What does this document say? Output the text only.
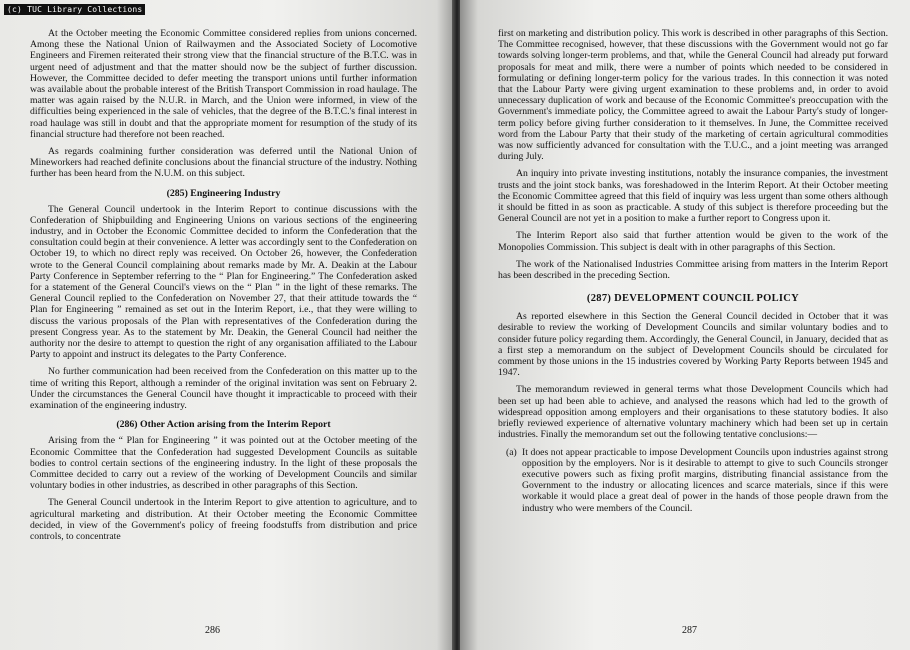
At the October meeting the Economic Committee considered replies from unions concerned. Among these the National Union of Railwaymen and the Associated Society of Locomotive Engineers and Firemen reiterated their strong view that the financial structure of the B.T.C. was in urgent need of adjustment and that the matter should now be the subject of further discussion. However, the Committee decided to defer meeting the transport unions until further information was available about the probable interest of the British Transport Commission in road haulage. The matter was again raised by the N.U.R. in March, and the Union were informed, in view of the difficulties being experienced in the sale of vehicles, that the degree of the B.T.C.'s final interest in road haulage was still in doubt and that the appropriate moment for resumption of the study of its financial structure had therefore not been reached.

As regards coalmining further consideration was deferred until the National Union of Mineworkers had reached definite conclusions about the financial structure of the industry. Nothing further has been heard from the N.U.M. on this subject.

(285) Engineering Industry

The General Council undertook in the Interim Report to continue discussions with the Confederation of Shipbuilding and Engineering Unions on various sections of the engineering industry, and in October the Economic Committee decided to inform the Confederation that the consultation could begin at their convenience. A letter was accordingly sent to the Confederation on October 19, to which no direct reply was received. On October 26, however, the Confederation wrote to the General Council complaining about remarks made by Mr. A. Deakin at the Labour Party Conference in September referring to the “ Plan for Engineering.” The Confederation asked for a statement of the General Council's views on the “ Plan ” in the light of these remarks. The General Council replied to the Confederation on November 27, that their attitude towards the “ Plan for Engineering ” remained as set out in the Interim Report, i.e., that they were willing to discuss the various proposals of the Plan with representatives of the Confederation during the present Congress year. As to the statement by Mr. Deakin, the General Council had neither the authority nor the desire to attempt to question the right of any organisation affiliated to the Labour Party to appoint and instruct its delegates to the Party Conference.

No further communication had been received from the Confederation on this matter up to the time of writing this Report, although a reminder of the original invitation was sent on February 2. Under the circumstances the General Council have thought it impracticable to proceed with their examination of the engineering industry.

(286) Other Action arising from the Interim Report

Arising from the “ Plan for Engineering ” it was pointed out at the October meeting of the Economic Committee that the Confederation had suggested Development Councils as suitable bodies to control certain sections of the engineering industry. In the light of these proposals the Committee decided to carry out a review of the working of Development Councils and similar voluntary bodies in other industries, as described in other paragraphs of this Section.

The General Council undertook in the Interim Report to give attention to agriculture, and to agricultural marketing and distribution. At their October meeting the Economic Committee decided, in view of the Government's policy of freeing foodstuffs from distribution and price controls, to concentrate

286

first on marketing and distribution policy. This work is described in other paragraphs of this Section. The Committee recognised, however, that these discussions with the Government would not go far towards solving longer-term problems, and that, while the General Council had already put forward proposals for meat and milk, there were a number of points which needed to be considered in formulating or defining longer-term policy for the various trades. In this connection it was noted that the Labour Party were giving urgent examination to these problems and, in order to avoid unnecessary duplication of work and because of the Economic Committee's preoccupation with the Government's immediate policy, the Committee agreed to await the Labour Party's study of longer-term policy before giving further consideration to it themselves. In June, the Committee received word from the Labour Party that their study of the marketing of certain agricultural commodities was now sufficiently advanced for consultation with the T.U.C., and a joint meeting was arranged during July.

An inquiry into private investing institutions, notably the insurance companies, the investment trusts and the joint stock banks, was foreshadowed in the Interim Report. At their October meeting the Economic Committee agreed that this field of inquiry was less urgent than some others although it should be fitted in as soon as practicable. A study of this subject is therefore proceeding but the General Council are not yet in a position to make a further report to Congress upon it.

The Interim Report also said that further attention would be given to the work of the Monopolies Commission. This subject is dealt with in other paragraphs of this Section.

The work of the Nationalised Industries Committee arising from matters in the Interim Report has been described in the preceding Section.

(287) DEVELOPMENT COUNCIL POLICY

As reported elsewhere in this Section the General Council decided in October that it was desirable to review the working of Development Councils and similar voluntary bodies and to consider future policy regarding them. Accordingly, the General Council, in January, decided that as a first step a memorandum on the subject of Development Councils should be circulated for comment by those unions in the 15 industries covered by Working Party Reports between 1945 and 1947.

The memorandum reviewed in general terms what those Development Councils which had been set up had been able to achieve, and analysed the reasons which had led to the growth of widespread opposition among employers and their organisations to these statutory bodies. It also briefly reviewed experience of alternative voluntary machinery which had been set up in certain industries. Finally the memorandum set out the following tentative conclusions:—

(a) It does not appear practicable to impose Development Councils upon industries against strong opposition by the employers. Nor is it desirable to attempt to give to such Councils stronger executive powers such as fixing profit margins, distributing financial assistance from the Government to the industry or allocating licences and scarce materials, since if this were workable it would place a great deal of power in the hands of those people drawn from the industry who were members of the Council.
287
(c) TUC Library Collections
